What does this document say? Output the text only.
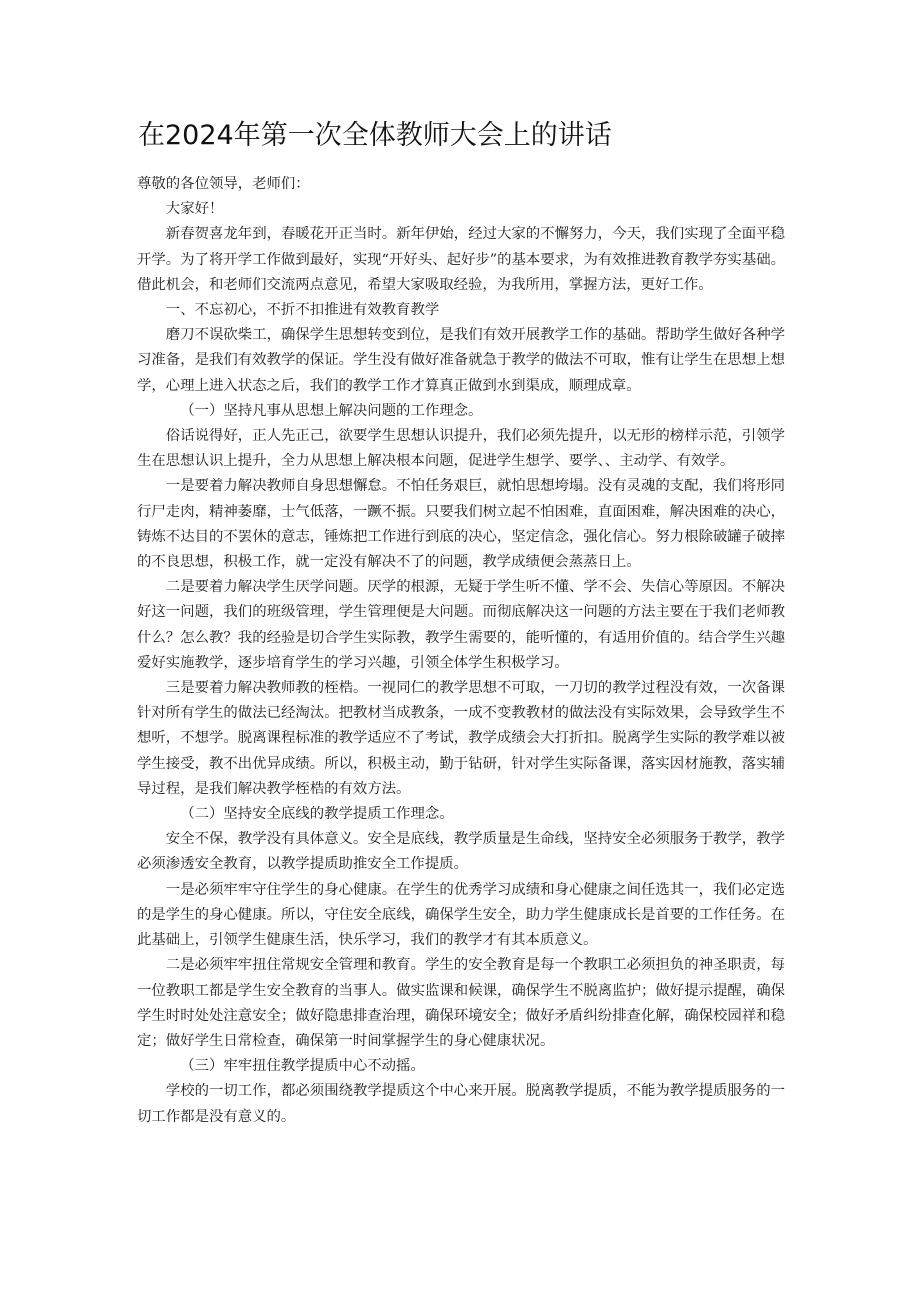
在2024年第一次全体教师大会上的讲话

尊敬的各位领导，老师们：

大家好！

新春贺喜龙年到，春暖花开正当时。新年伊始，经过大家的不懈努力，今天，我们实现了全面平稳开学。为了将开学工作做到最好，实现“开好头、起好步”的基本要求，为有效推进教育教学夯实基础。借此机会，和老师们交流两点意见，希望大家吸取经验，为我所用，掌握方法，更好工作。

一、不忘初心，不折不扣推进有效教育教学

磨刀不误砍柴工，确保学生思想转变到位，是我们有效开展教学工作的基础。帮助学生做好各种学习准备，是我们有效教学的保证。学生没有做好准备就急于教学的做法不可取，惟有让学生在思想上想学，心理上进入状态之后，我们的教学工作才算真正做到水到渠成，顺理成章。

（一）坚持凡事从思想上解决问题的工作理念。

俗话说得好，正人先正己，欲要学生思想认识提升，我们必须先提升，以无形的榜样示范，引领学生在思想认识上提升，全力从思想上解决根本问题，促进学生想学、要学、、主动学、有效学。

一是要着力解决教师自身思想懈怠。不怕任务艰巨，就怕思想垮塌。没有灵魂的支配，我们将形同行尸走肉，精神萎靡，士气低落，一蹶不振。只要我们树立起不怕困难，直面困难，解决困难的决心，铸炼不达目的不罢休的意志，锤炼把工作进行到底的决心，坚定信念，强化信心。努力根除破罐子破摔的不良思想，积极工作，就一定没有解决不了的问题，教学成绩便会蒸蒸日上。

二是要着力解决学生厌学问题。厌学的根源，无疑于学生听不懂、学不会、失信心等原因。不解决好这一问题，我们的班级管理，学生管理便是大问题。而彻底解决这一问题的方法主要在于我们老师教什么？怎么教？我的经验是切合学生实际教，教学生需要的，能听懂的，有适用价值的。结合学生兴趣爱好实施教学，逐步培育学生的学习兴趣，引领全体学生积极学习。

三是要着力解决教师教的桎梏。一视同仁的教学思想不可取，一刀切的教学过程没有效，一次备课针对所有学生的做法已经淘汰。把教材当成教条，一成不变教教材的做法没有实际效果，会导致学生不想听，不想学。脱离课程标准的教学适应不了考试，教学成绩会大打折扣。脱离学生实际的教学难以被学生接受，教不出优异成绩。所以，积极主动，勤于钻研，针对学生实际备课，落实因材施教，落实辅导过程，是我们解决教学桎梏的有效方法。

（二）坚持安全底线的教学提质工作理念。

安全不保，教学没有具体意义。安全是底线，教学质量是生命线，坚持安全必须服务于教学，教学必须渗透安全教育，以教学提质助推安全工作提质。

一是必须牢牢守住学生的身心健康。在学生的优秀学习成绩和身心健康之间任选其一，我们必定选的是学生的身心健康。所以，守住安全底线，确保学生安全，助力学生健康成长是首要的工作任务。在此基础上，引领学生健康生活，快乐学习，我们的教学才有其本质意义。

二是必须牢牢扭住常规安全管理和教育。学生的安全教育是每一个教职工必须担负的神圣职责，每一位教职工都是学生安全教育的当事人。做实监课和候课，确保学生不脱离监护；做好提示提醒，确保学生时时处处注意安全；做好隐患排查治理，确保环境安全；做好矛盾纠纷排查化解，确保校园祥和稳定；做好学生日常检查，确保第一时间掌握学生的身心健康状况。

（三）牢牢扭住教学提质中心不动摇。

学校的一切工作，都必须围绕教学提质这个中心来开展。脱离教学提质，不能为教学提质服务的一切工作都是没有意义的。
